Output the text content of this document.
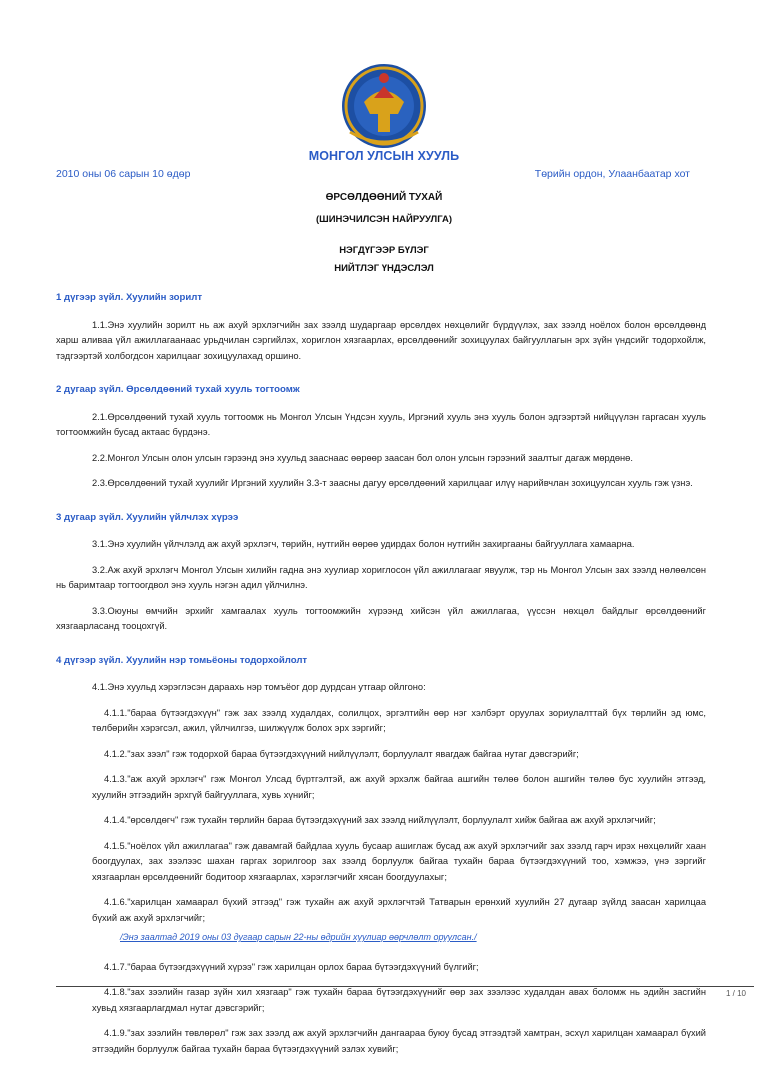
МОНГОЛ УЛСЫН ХУУЛЬ
2010 оны 06 сарын 10 өдөр	Төрийн ордон, Улаанбаатар хот
ӨРСӨЛДӨӨНИЙ ТУХАЙ
(ШИНЭЧИЛСЭН НАЙРУУЛГА)
НЭГДҮГЭЭР БҮЛЭГ
НИЙТЛЭГ ҮНДЭСЛЭЛ
1 дүгээр зүйл. Хуулийн зорилт

1.1.Энэ хуулийн зорилт нь аж ахуй эрхлэгчийн зах зээлд шударгаар өрсөлдөх нөхцөлийг бүрдүүлэх, зах зээлд ноёлох болон өрсөлдөөнд харш аливаа үйл ажиллагаанаас урьдчилан сэргийлэх, хориглон хязгаарлах, өрсөлдөөнийг зохицуулах байгууллагын эрх зүйн үндсийг тодорхойлж, тэдгээртэй холбогдсон харилцааг зохицуулахад оршино.

2 дугаар зүйл. Өрсөлдөөний тухай хууль тогтоомж

2.1.Өрсөлдөөний тухай хууль тогтоомж нь Монгол Улсын Үндсэн хууль, Иргэний хууль энэ хууль болон эдгээртэй нийцүүлэн гаргасан хууль тогтоомжийн бусад актаас бүрдэнэ.

2.2.Монгол Улсын олон улсын гэрээнд энэ хуульд зааснаас өөрөөр заасан бол олон улсын гэрээний заалтыг дагаж мөрдөнө.

2.3.Өрсөлдөөний тухай хуулийг Иргэний хуулийн 3.3-т заасны дагуу өрсөлдөөний харилцааг илүү нарийвчлан зохицуулсан хууль гэж үзнэ.

3 дугаар зүйл. Хуулийн үйлчлэх хүрээ

3.1.Энэ хуулийн үйлчлэлд аж ахуй эрхлэгч, төрийн, нутгийн өөрөө удирдах болон нутгийн захиргааны байгууллага хамаарна.

3.2.Аж ахуй эрхлэгч Монгол Улсын хилийн гадна энэ хуулиар хориглосон үйл ажиллагааг явуулж, тэр нь Монгол Улсын зах зээлд нөлөөлсөн нь баримтаар тогтоогдвол энэ хууль нэгэн адил үйлчилнэ.

3.3.Оюуны өмчийн эрхийг хамгаалах хууль тогтоомжийн хүрээнд хийсэн үйл ажиллагаа, үүссэн нөхцөл байдлыг өрсөлдөөнийг хязгаарласанд тооцохгүй.

4 дүгээр зүйл. Хуулийн нэр томьёоны тодорхойлолт

4.1.Энэ хуульд хэрэглэсэн дараахь нэр томъёог дор дурдсан утгаар ойлгоно:

4.1.1."бараа бүтээгдэхүүн" гэж зах зээлд худалдах, солилцох, эргэлтийн өөр нэг хэлбэрт оруулах зориулалттай бүх төрлийн эд юмс, төлбөрийн хэрэгсэл, ажил, үйлчилгээ, шилжүүлж болох эрх зэргийг;

4.1.2."зах зээл" гэж тодорхой бараа бүтээгдэхүүний нийлүүлэлт, борлуулалт явагдаж байгаа нутаг дэвсгэрийг;

4.1.3."аж ахуй эрхлэгч" гэж Монгол Улсад бүртгэлтэй, аж ахуй эрхэлж байгаа ашгийн төлөө болон ашгийн төлөө бус хуулийн этгээд, хуулийн этгээдийн эрхгүй байгууллага, хувь хүнийг;

4.1.4."өрсөлдөгч" гэж тухайн төрлийн бараа бүтээгдэхүүний зах зээлд нийлүүлэлт, борлуулалт хийж байгаа аж ахуй эрхлэгчийг;

4.1.5."ноёлох үйл ажиллагаа" гэж давамгай байдлаа хууль бусаар ашиглаж бусад аж ахуй эрхлэгчийг зах зээлд гарч ирэх нөхцөлийг хаан боогдуулах, зах зээлээс шахан гаргах зорилгоор зах зээлд борлуулж байгаа тухайн бараа бүтээгдэхүүний тоо, хэмжээ, үнэ зэргийг хязгаарлан өрсөлдөөнийг бодитоор хязгаарлах, хэрэглэгчийг хясан боогдуулахыг;

4.1.6."харилцан хамаарал бүхий этгээд" гэж тухайн аж ахуй эрхлэгчтэй Татварын ерөнхий хуулийн 27 дугаар зүйлд заасан харилцаа бүхий аж ахуй эрхлэгчийг;

/Энэ заалтад 2019 оны 03 дугаар сарын 22-ны өдрийн хуулиар өөрчлөлт оруулсан./

4.1.7."бараа бүтээгдэхүүний хүрээ" гэж харилцан орлох бараа бүтээгдэхүүний бүлгийг;

4.1.8."зах зээлийн газар зүйн хил хязгаар" гэж тухайн бараа бүтээгдэхүүнийг өөр зах зээлээс худалдан авах боломж нь эдийн засгийн хувьд хязгаарлагдмал нутаг дэвсгэрийг;

4.1.9."зах зээлийн төвлөрөл" гэж зах зээлд аж ахуй эрхлэгчийн дангаараа буюу бусад этгээдтэй хамтран, эсхүл харилцан хамаарал бүхий этгээдийн борлуулж байгаа тухайн бараа бүтээгдэхүүний эзлэх хувийг;

1 / 10
